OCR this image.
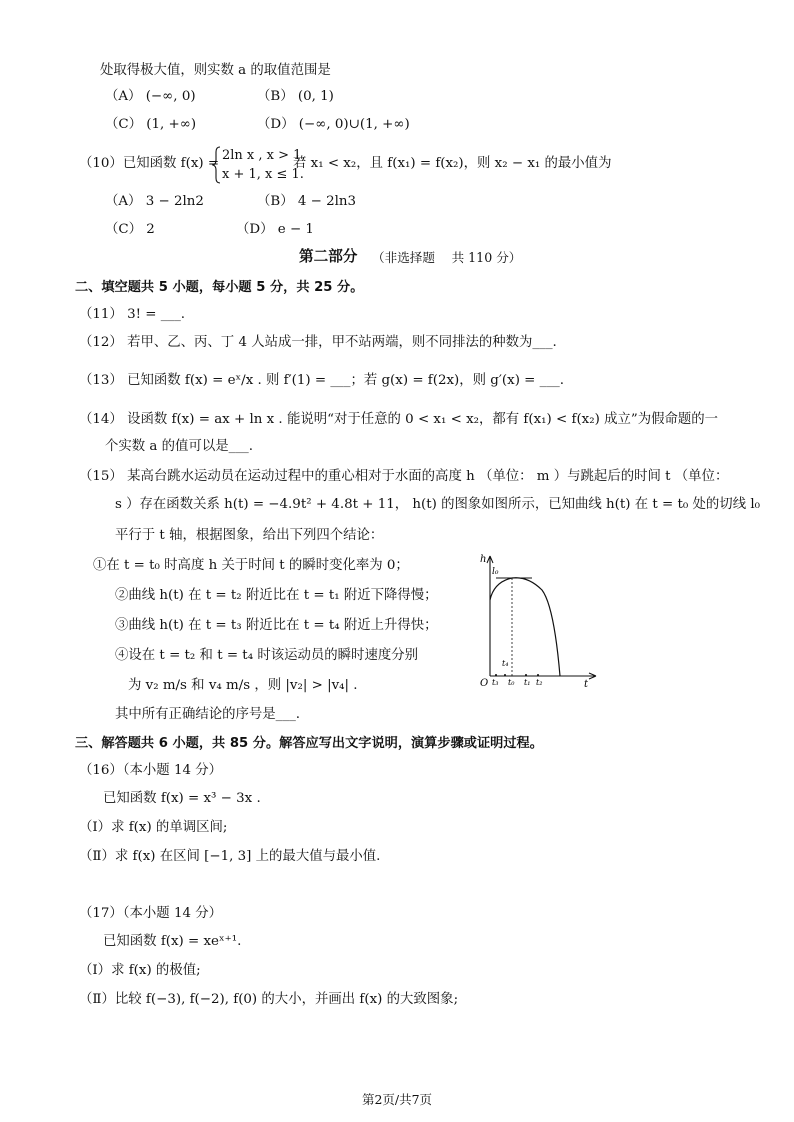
处取得极大值，则实数 a 的取值范围是
（A） (−∞, 0)	（B） (0, 1)
（C） (1, +∞)	（D） (−∞, 0)∪(1, +∞)
（10）已知函数 f(x) =
2ln x , x > 1,
x + 1, x ≤ 1.
若 x₁ < x₂，且 f(x₁) = f(x₂)，则 x₂ − x₁ 的最小值为
（A） 3 − 2ln2	（B） 4 − 2ln3
（C） 2	（D） e − 1
第二部分 （非选择题　 共 110 分）
二、填空题共 5 小题，每小题 5 分，共 25 分。
（11） 3! = ___.
（12） 若甲、乙、丙、丁 4 人站成一排，甲不站两端，则不同排法的种数为___.
（13） 已知函数 f(x) = eˣ/x . 则 f′(1) = ___；若 g(x) = f(2x)，则 g′(x) = ___.
（14） 设函数 f(x) = ax + ln x . 能说明“对于任意的 0 < x₁ < x₂，都有 f(x₁) < f(x₂) 成立”为假命题的一
个实数 a 的值可以是___.
（15） 某高台跳水运动员在运动过程中的重心相对于水面的高度 h （单位： m ）与跳起后的时间 t （单位：
s ）存在函数关系 h(t) = −4.9t² + 4.8t + 11， h(t) 的图象如图所示，已知曲线 h(t) 在 t = t₀ 处的切线 l₀
平行于 t 轴，根据图象，给出下列四个结论：
①在 t = t₀ 时高度 h 关于时间 t 的瞬时变化率为 0；
②曲线 h(t) 在 t = t₂ 附近比在 t = t₁ 附近下降得慢；
③曲线 h(t) 在 t = t₃ 附近比在 t = t₄ 附近上升得快；
④设在 t = t₂ 和 t = t₄ 时该运动员的瞬时速度分别
为 v₂ m/s 和 v₄ m/s ，则 |v₂| > |v₄| .
其中所有正确结论的序号是___.
h
t
O
l₀
t₃
t₄
t₀ t₁ t₂
三、解答题共 6 小题，共 85 分。解答应写出文字说明，演算步骤或证明过程。
（16）（本小题 14 分）
已知函数 f(x) = x³ − 3x .
（Ⅰ）求 f(x) 的单调区间;
（Ⅱ）求 f(x) 在区间 [−1, 3] 上的最大值与最小值.
（17）（本小题 14 分）
已知函数 f(x) = xeˣ⁺¹.
（Ⅰ）求 f(x) 的极值;
（Ⅱ）比较 f(−3), f(−2), f(0) 的大小，并画出 f(x) 的大致图象;
第2页/共7页
